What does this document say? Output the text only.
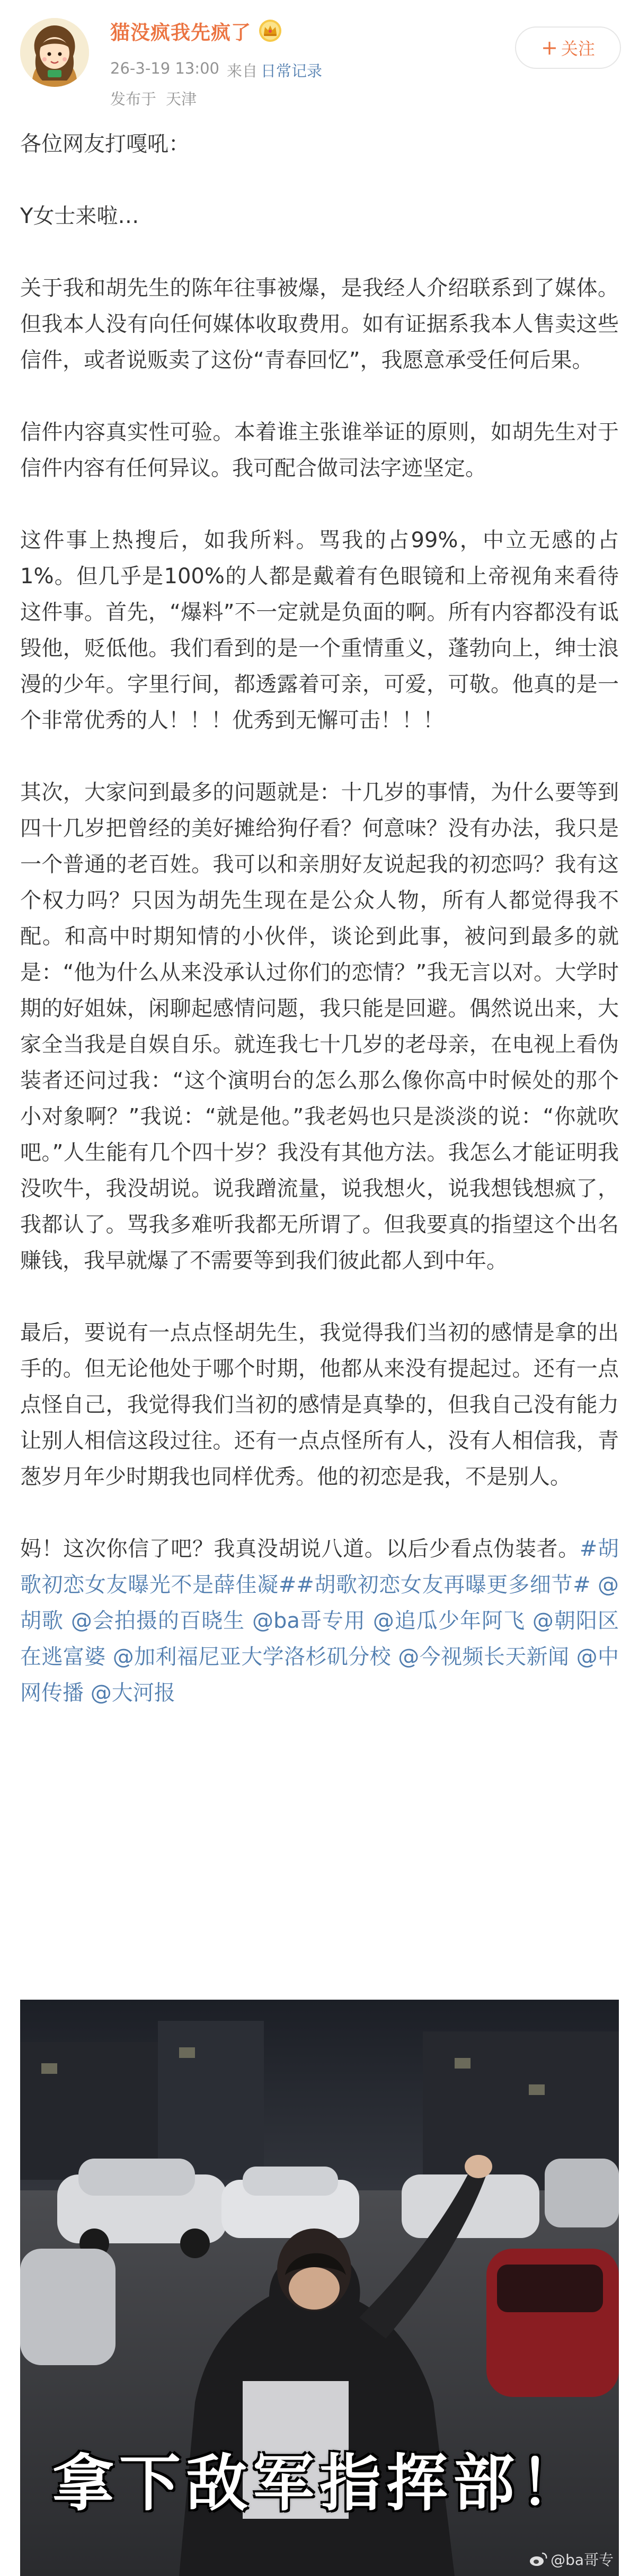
猫没疯我先疯了
26-3-19 13:00 来自 日常记录
发布于 天津
+ 关注

各位网友打嘎吼：

Y女士来啦…

关于我和胡先生的陈年往事被爆，是我经人介绍联系到了媒体。但我本人没有向任何媒体收取费用。如有证据系我本人售卖这些信件，或者说贩卖了这份“青春回忆”，我愿意承受任何后果。

信件内容真实性可验。本着谁主张谁举证的原则，如胡先生对于信件内容有任何异议。我可配合做司法字迹坚定。

这件事上热搜后，如我所料。骂我的占99%，中立无感的占1%。但几乎是100%的人都是戴着有色眼镜和上帝视角来看待这件事。首先，“爆料”不一定就是负面的啊。所有内容都没有诋毁他，贬低他。我们看到的是一个重情重义，蓬勃向上，绅士浪漫的少年。字里行间，都透露着可亲，可爱，可敬。他真的是一个非常优秀的人！！！优秀到无懈可击！！！

其次，大家问到最多的问题就是：十几岁的事情，为什么要等到四十几岁把曾经的美好摊给狗仔看？何意味？没有办法，我只是一个普通的老百姓。我可以和亲朋好友说起我的初恋吗？我有这个权力吗？只因为胡先生现在是公众人物，所有人都觉得我不配。和高中时期知情的小伙伴，谈论到此事，被问到最多的就是：“他为什么从来没承认过你们的恋情？”我无言以对。大学时期的好姐妹，闲聊起感情问题，我只能是回避。偶然说出来，大家全当我是自娱自乐。就连我七十几岁的老母亲，在电视上看伪装者还问过我：“这个演明台的怎么那么像你高中时候处的那个小对象啊？”我说：“就是他。”我老妈也只是淡淡的说：“你就吹吧。”人生能有几个四十岁？我没有其他方法。我怎么才能证明我没吹牛，我没胡说。说我蹭流量，说我想火，说我想钱想疯了，我都认了。骂我多难听我都无所谓了。但我要真的指望这个出名赚钱，我早就爆了不需要等到我们彼此都人到中年。

最后，要说有一点点怪胡先生，我觉得我们当初的感情是拿的出手的。但无论他处于哪个时期，他都从来没有提起过。还有一点点怪自己，我觉得我们当初的感情是真挚的，但我自己没有能力让别人相信这段过往。还有一点点怪所有人，没有人相信我，青葱岁月年少时期我也同样优秀。他的初恋是我，不是别人。

妈！这次你信了吧？我真没胡说八道。以后少看点伪装者。#胡歌初恋女友曝光不是薛佳凝##胡歌初恋女友再曝更多细节# @胡歌 @会拍摄的百晓生 @ba哥专用 @追瓜少年阿飞 @朝阳区在逃富婆 @加利福尼亚大学洛杉矶分校 @今视频长天新闻 @中网传播 @大河报

拿下敌军指挥部！
@ba哥专
